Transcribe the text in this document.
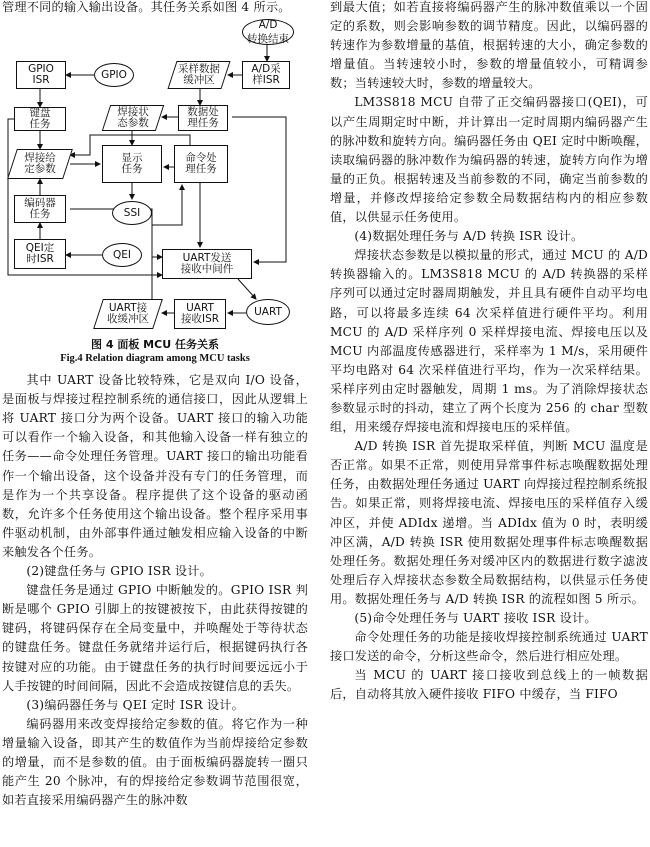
管理不同的输入输出设备。其任务关系如图 4 所示。

A/D
转换结束
GPIO
ISR	GPIO
采样数据
缓冲区
A/D采
样ISR
键盘
任务
焊接状
态参数
数据处
理任务
焊接给
定参数
显示
任务
命令处
理任务
编码器
任务	SSI
QEI定
时ISR	QEI	UART发送
接收中间件
UART接
收缓冲区
UART
接收ISR
UART
图 4 面板 MCU 任务关系
Fig.4 Relation diagram among MCU tasks

其中 UART 设备比较特殊，它是双向 I/O 设备，是面板与焊接过程控制系统的通信接口，因此从逻辑上将 UART 接口分为两个设备。UART 接口的输入功能可以看作一个输入设备，和其他输入设备一样有独立的任务——命令处理任务管理。UART 接口的输出功能看作一个输出设备，这个设备并没有专门的任务管理，而是作为一个共享设备。程序提供了这个设备的驱动函数，允许多个任务使用这个输出设备。整个程序采用事件驱动机制，由外部事件通过触发相应输入设备的中断来触发各个任务。

(2)键盘任务与 GPIO ISR 设计。

键盘任务是通过 GPIO 中断触发的。GPIO ISR 判断是哪个 GPIO 引脚上的按键被按下，由此获得按键的键码，将键码保存在全局变量中，并唤醒处于等待状态的键盘任务。键盘任务就绪并运行后，根据键码执行各按键对应的功能。由于键盘任务的执行时间要远远小于人手按键的时间间隔，因此不会造成按键信息的丢失。

(3)编码器任务与 QEI 定时 ISR 设计。

编码器用来改变焊接给定参数的值。将它作为一种增量输入设备，即其产生的数值作为当前焊接给定参数的增量，而不是参数的值。由于面板编码器旋转一圈只能产生 20 个脉冲，有的焊接给定参数调节范围很宽，如若直接采用编码器产生的脉冲数

到最大值；如若直接将编码器产生的脉冲数值乘以一个固定的系数，则会影响参数的调节精度。因此，以编码器的转速作为参数增量的基值，根据转速的大小，确定参数的增量值。当转速较小时，参数的增量值较小，可精调参数；当转速较大时，参数的增量较大。

LM3S818 MCU 自带了正交编码器接口(QEI)，可以产生周期定时中断，并计算出一定时周期内编码器产生的脉冲数和旋转方向。编码器任务由 QEI 定时中断唤醒，读取编码器的脉冲数作为编码器的转速，旋转方向作为增量的正负。根据转速及当前参数的不同，确定当前参数的增量，并修改焊接给定参数全局数据结构内的相应参数值，以供显示任务使用。

(4)数据处理任务与 A/D 转换 ISR 设计。

焊接状态参数是以模拟量的形式，通过 MCU 的 A/D 转换器输入的。LM3S818 MCU 的 A/D 转换器的采样序列可以通过定时器周期触发，并且具有硬件自动平均电路，可以将最多连续 64 次采样值进行硬件平均。利用 MCU 的 A/D 采样序列 0 采样焊接电流、焊接电压以及 MCU 内部温度传感器进行，采样率为 1 M/s，采用硬件平均电路对 64 次采样值进行平均，作为一次采样结果。采样序列由定时器触发，周期 1 ms。为了消除焊接状态参数显示时的抖动，建立了两个长度为 256 的 char 型数组，用来缓存焊接电流和焊接电压的采样值。

A/D 转换 ISR 首先提取采样值，判断 MCU 温度是否正常。如果不正常，则使用异常事件标志唤醒数据处理任务，由数据处理任务通过 UART 向焊接过程控制系统报告。如果正常，则将焊接电流、焊接电压的采样值存入缓冲区，并使 ADIdx 递增。当 ADIdx 值为 0 时，表明缓冲区满，A/D 转换 ISR 使用数据处理事件标志唤醒数据处理任务。数据处理任务对缓冲区内的数据进行数字滤波处理后存入焊接状态参数全局数据结构，以供显示任务使用。数据处理任务与 A/D 转换 ISR 的流程如图 5 所示。

(5)命令处理任务与 UART 接收 ISR 设计。

命令处理任务的功能是接收焊接控制系统通过 UART 接口发送的命令，分析这些命令，然后进行相应处理。

当 MCU 的 UART 接口接收到总线上的一帧数据后，自动将其放入硬件接收 FIFO 中缓存，当 FIFO
